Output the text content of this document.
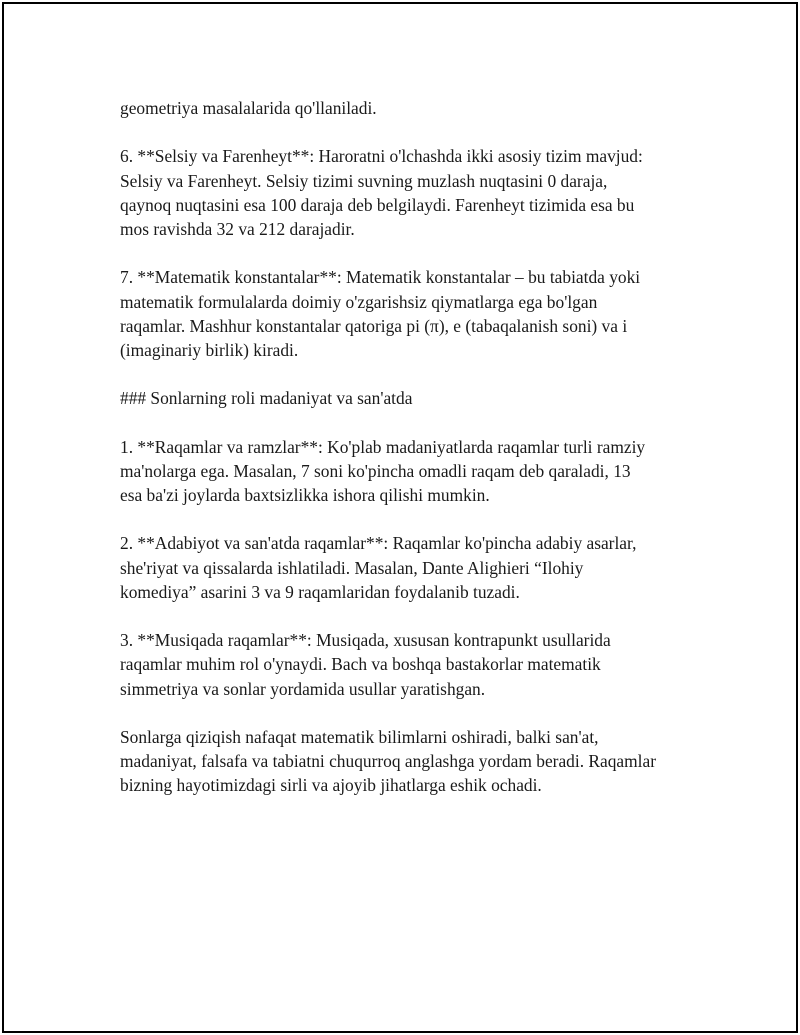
geometriya masalalarida qo'llaniladi.

6. **Selsiy va Farenheyt**: Haroratni o'lchashda ikki asosiy tizim mavjud:
Selsiy va Farenheyt. Selsiy tizimi suvning muzlash nuqtasini 0 daraja,
qaynoq nuqtasini esa 100 daraja deb belgilaydi. Farenheyt tizimida esa bu
mos ravishda 32 va 212 darajadir.

7. **Matematik konstantalar**: Matematik konstantalar – bu tabiatda yoki
matematik formulalarda doimiy o'zgarishsiz qiymatlarga ega bo'lgan
raqamlar. Mashhur konstantalar qatoriga pi (π), e (tabaqalanish soni) va i
(imaginariy birlik) kiradi.

### Sonlarning roli madaniyat va san'atda

1. **Raqamlar va ramzlar**: Ko'plab madaniyatlarda raqamlar turli ramziy
ma'nolarga ega. Masalan, 7 soni ko'pincha omadli raqam deb qaraladi, 13
esa ba'zi joylarda baxtsizlikka ishora qilishi mumkin.

2. **Adabiyot va san'atda raqamlar**: Raqamlar ko'pincha adabiy asarlar,
she'riyat va qissalarda ishlatiladi. Masalan, Dante Alighieri “Ilohiy
komediya” asarini 3 va 9 raqamlaridan foydalanib tuzadi.

3. **Musiqada raqamlar**: Musiqada, xususan kontrapunkt usullarida
raqamlar muhim rol o'ynaydi. Bach va boshqa bastakorlar matematik
simmetriya va sonlar yordamida usullar yaratishgan.

Sonlarga qiziqish nafaqat matematik bilimlarni oshiradi, balki san'at,
madaniyat, falsafa va tabiatni chuqurroq anglashga yordam beradi. Raqamlar
bizning hayotimizdagi sirli va ajoyib jihatlarga eshik ochadi.
